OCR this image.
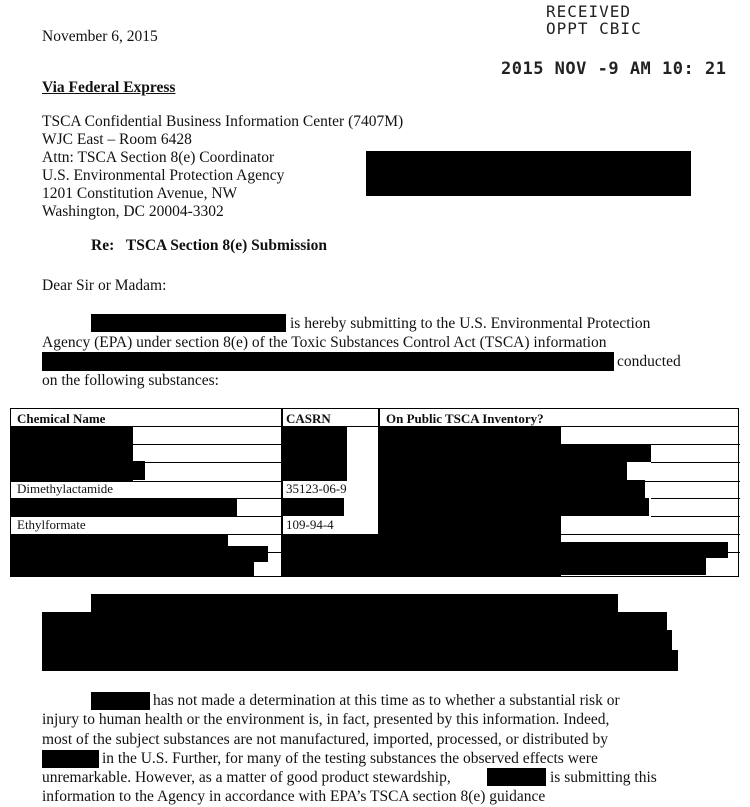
RECEIVED
OPPT CBIC
2015 NOV -9 AM 10: 21
November 6, 2015
Via Federal Express
TSCA Confidential Business Information Center (7407M)
WJC East – Room 6428
Attn: TSCA Section 8(e) Coordinator
U.S. Environmental Protection Agency
1201 Constitution Avenue, NW
Washington, DC 20004-3302
Re: TSCA Section 8(e) Submission
Dear Sir or Madam:
is hereby submitting to the U.S. Environmental Protection
Agency (EPA) under section 8(e) of the Toxic Substances Control Act (TSCA) information
conducted
on the following substances:
Chemical Name	CASRN	On Public TSCA Inventory?
Dimethylactamide	35123-06-9
Ethylformate	109-94-4
has not made a determination at this time as to whether a substantial risk or
injury to human health or the environment is, in fact, presented by this information. Indeed,
most of the subject substances are not manufactured, imported, processed, or distributed by
in the U.S. Further, for many of the testing substances the observed effects were
unremarkable. However, as a matter of good product stewardship,	is submitting this
information to the Agency in accordance with EPA’s TSCA section 8(e) guidance
